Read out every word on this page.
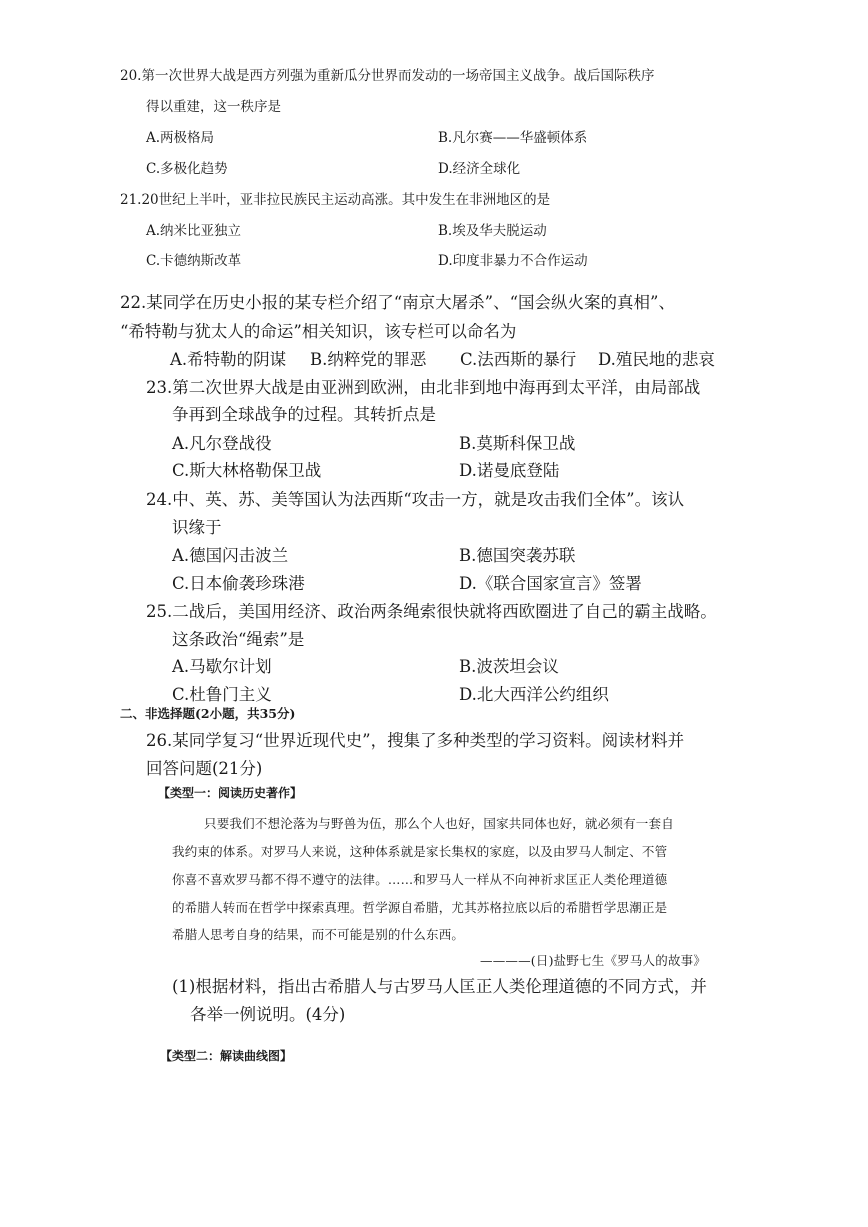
20.第一次世界大战是西方列强为重新瓜分世界而发动的一场帝国主义战争。战后国际秩序
得以重建，这一秩序是
A.两极格局	B.凡尔赛——华盛顿体系
C.多极化趋势	D.经济全球化
21.20世纪上半叶，亚非拉民族民主运动高涨。其中发生在非洲地区的是
A.纳米比亚独立	B.埃及华夫脱运动
C.卡德纳斯改革	D.印度非暴力不合作运动
22.某同学在历史小报的某专栏介绍了“南京大屠杀”、“国会纵火案的真相”、
“希特勒与犹太人的命运”相关知识，该专栏可以命名为
A.希特勒的阴谋 B.纳粹党的罪恶 C.法西斯的暴行 D.殖民地的悲哀
23.第二次世界大战是由亚洲到欧洲，由北非到地中海再到太平洋，由局部战
争再到全球战争的过程。其转折点是
A.凡尔登战役	B.莫斯科保卫战
C.斯大林格勒保卫战	D.诺曼底登陆
24.中、英、苏、美等国认为法西斯“攻击一方，就是攻击我们全体”。该认
识缘于
A.德国闪击波兰	B.德国突袭苏联
C.日本偷袭珍珠港	D.《联合国家宣言》签署
25.二战后，美国用经济、政治两条绳索很快就将西欧圈进了自己的霸主战略。
这条政治“绳索”是
A.马歇尔计划	B.波茨坦会议
C.杜鲁门主义	D.北大西洋公约组织
二、非选择题(2小题，共35分)
26.某同学复习“世界近现代史”，搜集了多种类型的学习资料。阅读材料并
回答问题(21分)
【类型一：阅读历史著作】
只要我们不想沦落为与野兽为伍，那么个人也好，国家共同体也好，就必须有一套自
我约束的体系。对罗马人来说，这种体系就是家长集权的家庭，以及由罗马人制定、不管
你喜不喜欢罗马都不得不遵守的法律。……和罗马人一样从不向神祈求匡正人类伦理道德
的希腊人转而在哲学中探索真理。哲学源自希腊，尤其苏格拉底以后的希腊哲学思潮正是
希腊人思考自身的结果，而不可能是别的什么东西。
————(日)盐野七生《罗马人的故事》
(1)根据材料，指出古希腊人与古罗马人匡正人类伦理道德的不同方式，并
各举一例说明。(4分)
【类型二：解读曲线图】
